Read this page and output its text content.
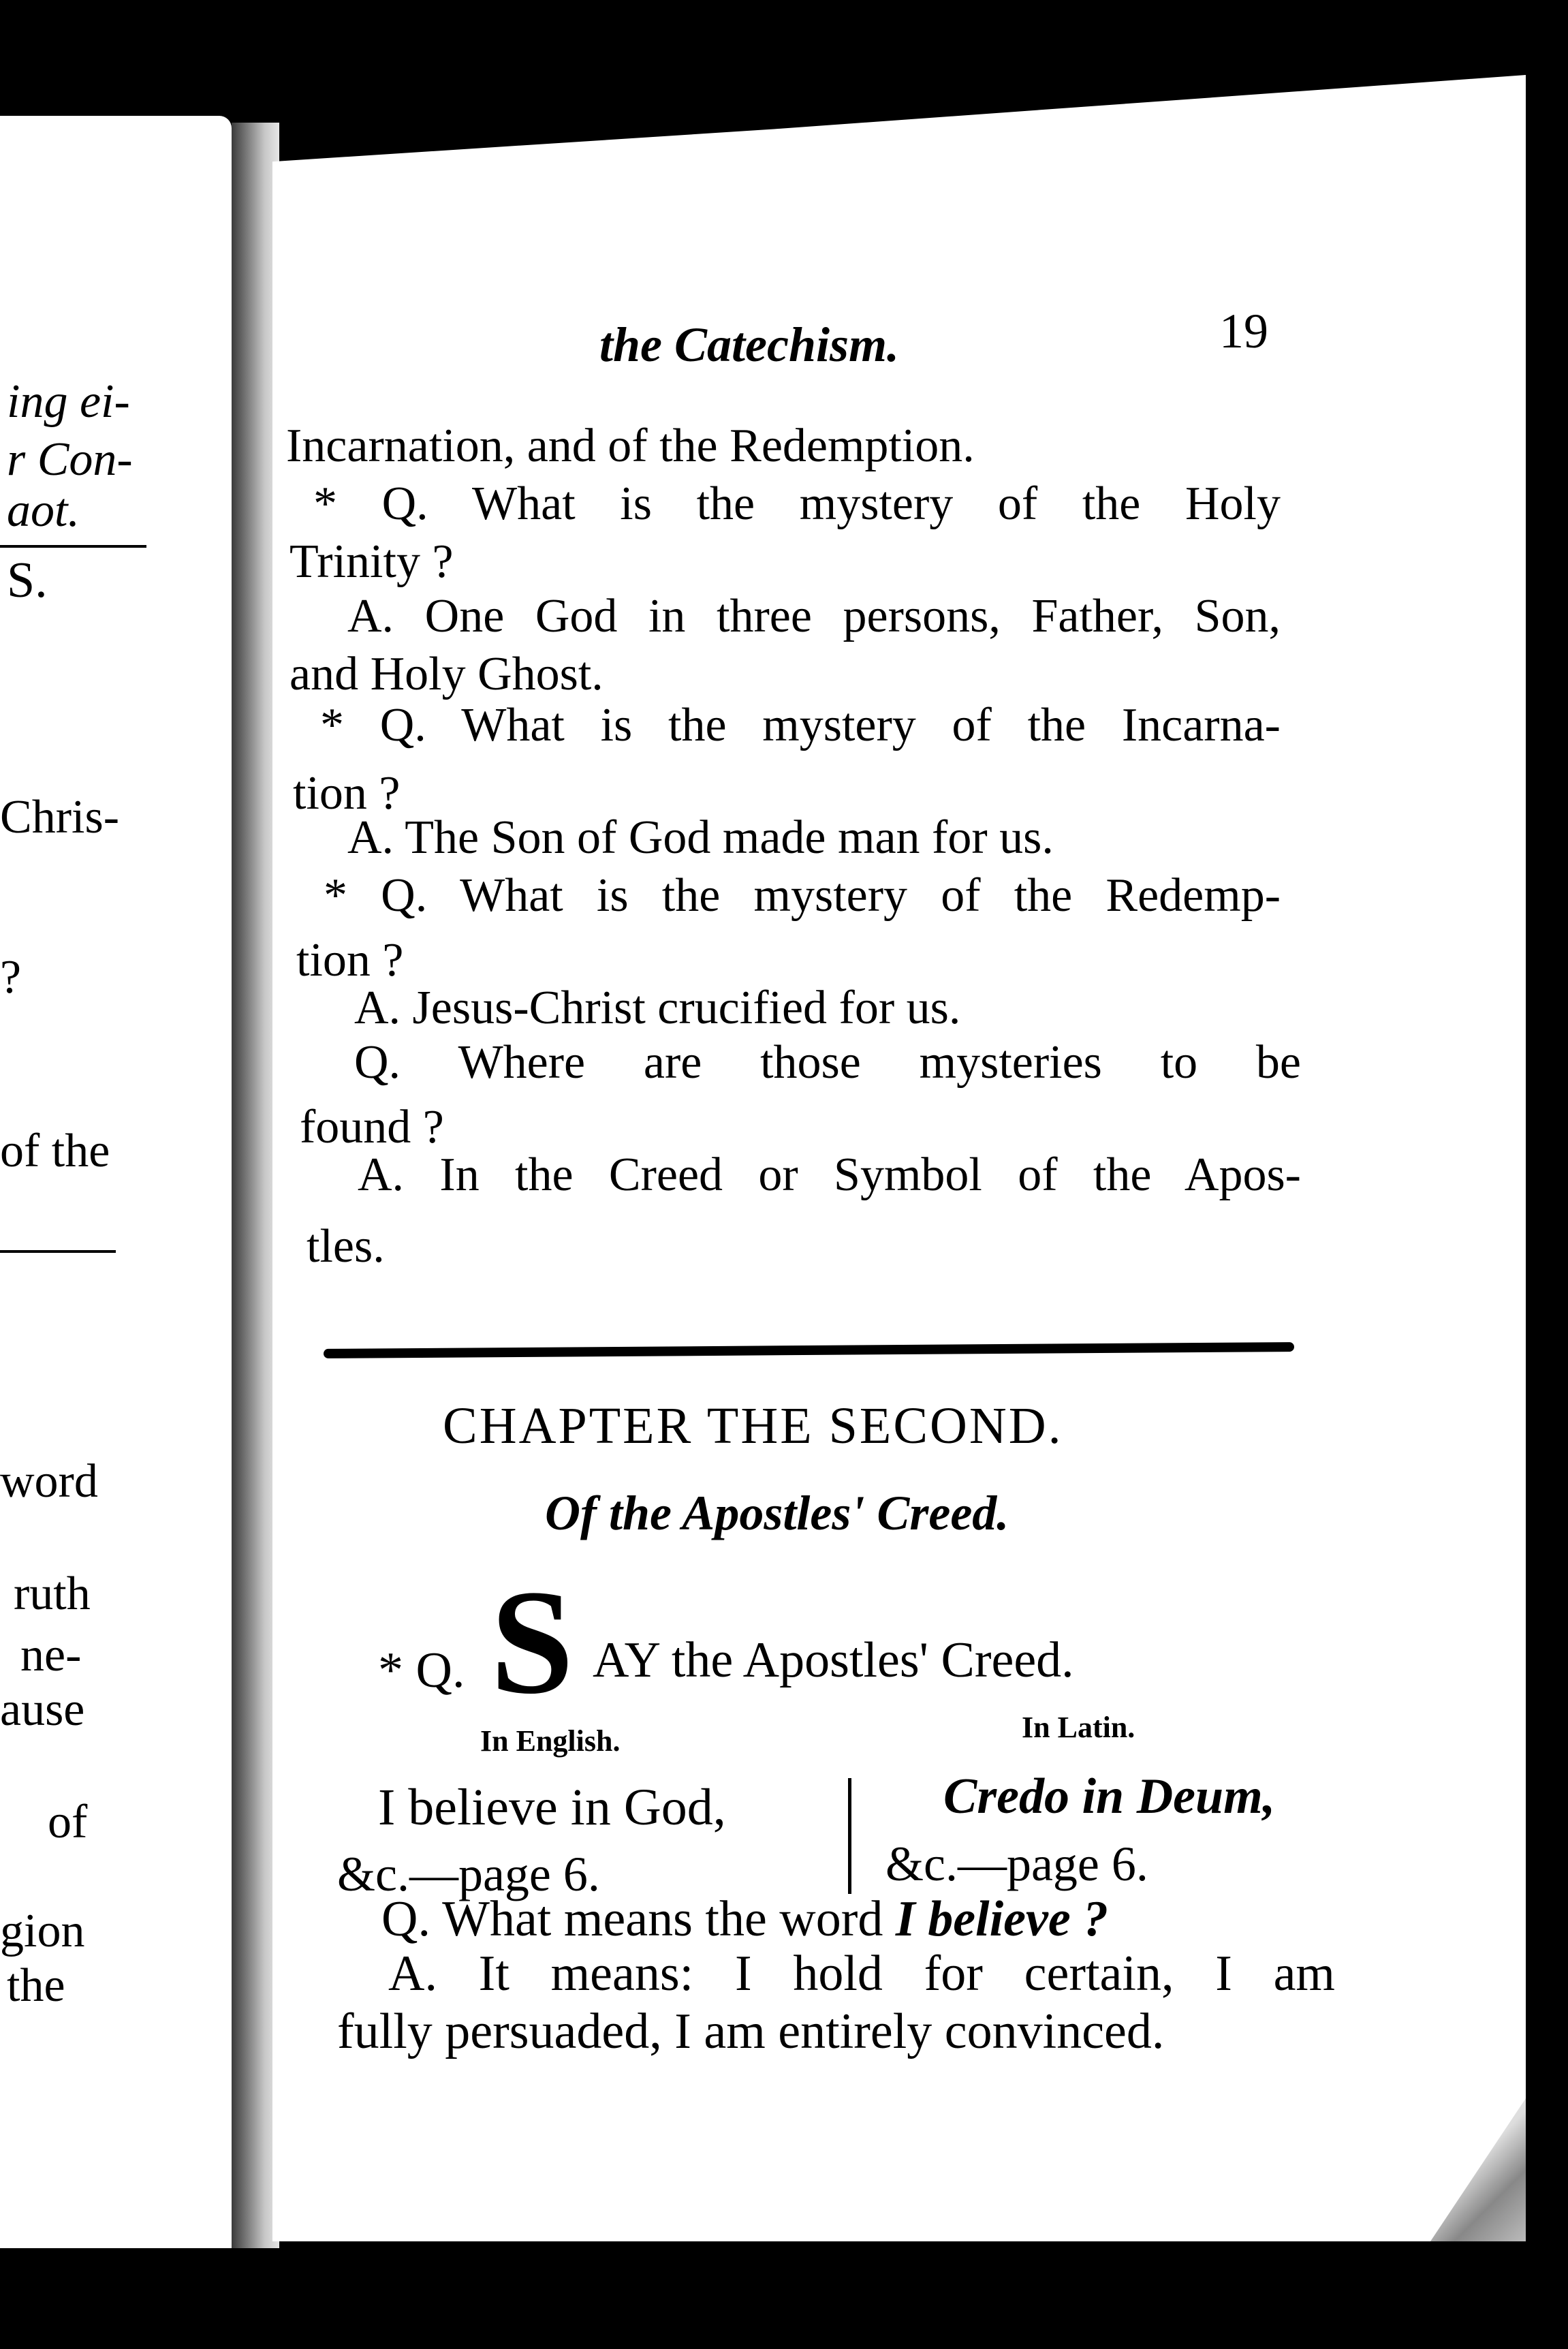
ing ei-
r Con-
aot.
S.
Chris-
?
of the
word
ruth
ne-
ause
of
gion
the
the Catechism.	19
Incarnation, and of the Redemption.
* Q. What is the mystery of the Holy
Trinity ?
A. One God in three persons, Father, Son,
and Holy Ghost.
* Q. What is the mystery of the Incarna-
tion ?
A. The Son of God made man for us.
* Q. What is the mystery of the Redemp-
tion ?
A. Jesus-Christ crucified for us.
Q. Where are those mysteries to be
found ?
A. In the Creed or Symbol of the Apos-
tles.
CHAPTER THE SECOND.
Of the Apostles' Creed.
* Q. S AY the Apostles' Creed.
In English.	In Latin.
I believe in God,
&c.—page 6.
Credo in Deum,
&c.—page 6.
Q. What means the word I believe ?
A. It means: I hold for certain, I am
fully persuaded, I am entirely convinced.
